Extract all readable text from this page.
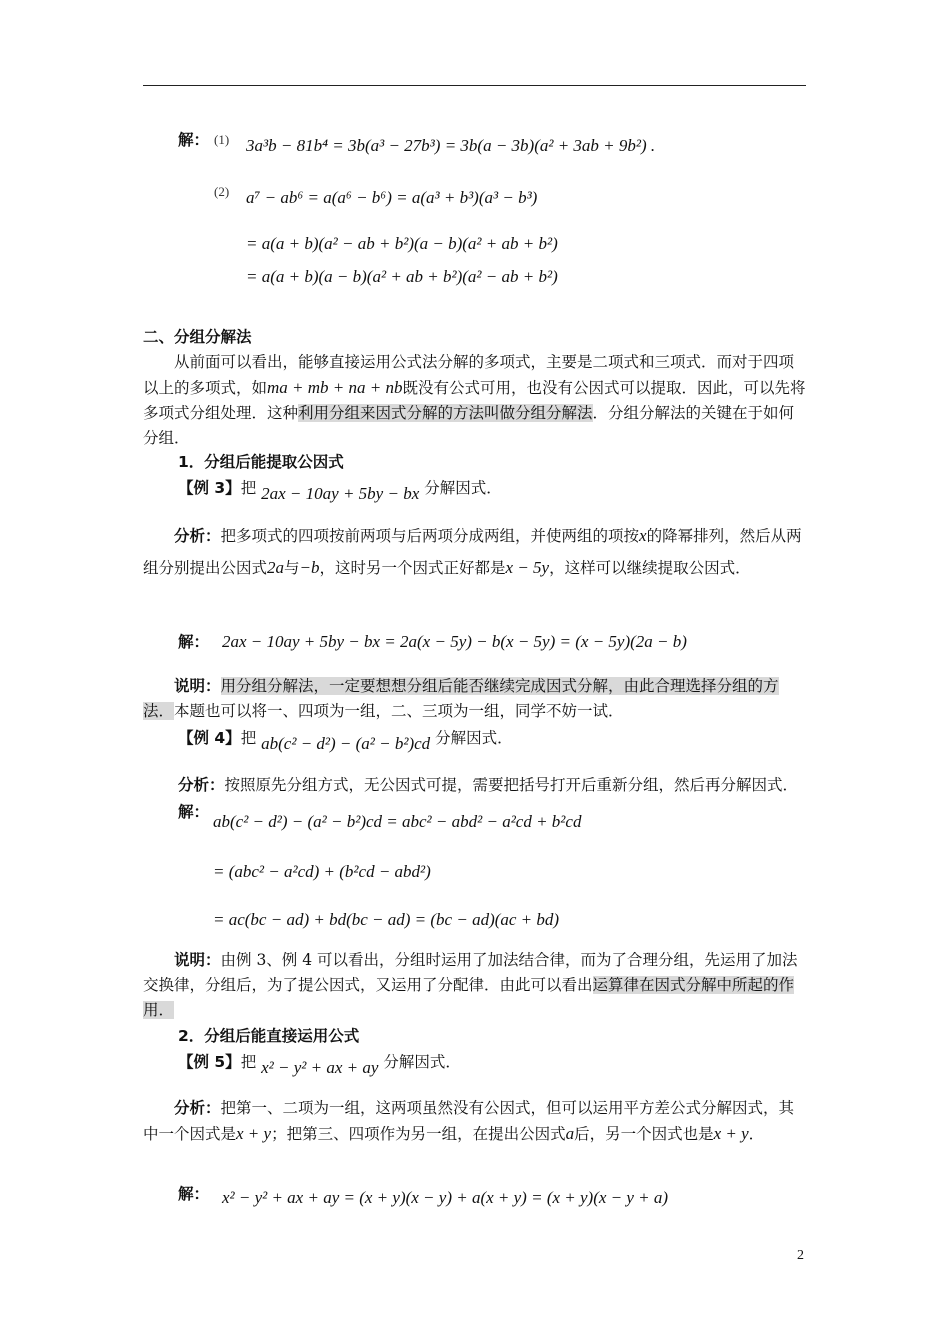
解： (1) 3a³b − 81b⁴ = 3b(a³ − 27b³) = 3b(a − 3b)(a² + 3ab + 9b²) .
(2) a⁷ − ab⁶ = a(a⁶ − b⁶) = a(a³ + b³)(a³ − b³)
= a(a + b)(a² − ab + b²)(a − b)(a² + ab + b²)
= a(a + b)(a − b)(a² + ab + b²)(a² − ab + b²)
二、分组分解法
从前面可以看出，能够直接运用公式法分解的多项式，主要是二项式和三项式．而对于四项以上的多项式，如ma + mb + na + nb既没有公式可用，也没有公因式可以提取．因此，可以先将多项式分组处理．这种利用分组来因式分解的方法叫做分组分解法．分组分解法的关键在于如何分组．
1．分组后能提取公因式
【例 3】把 2ax − 10ay + 5by − bx 分解因式．
分析：把多项式的四项按前两项与后两项分成两组，并使两组的项按x的降幂排列，然后从两组分别提出公因式2a与−b，这时另一个因式正好都是x − 5y，这样可以继续提取公因式．
解： 2ax − 10ay + 5by − bx = 2a(x − 5y) − b(x − 5y) = (x − 5y)(2a − b)
说明：用分组分解法，一定要想想分组后能否继续完成因式分解，由此合理选择分组的方法．本题也可以将一、四项为一组，二、三项为一组，同学不妨一试．
【例 4】把 ab(c² − d²) − (a² − b²)cd 分解因式．
分析：按照原先分组方式，无公因式可提，需要把括号打开后重新分组，然后再分解因式．
解： ab(c² − d²) − (a² − b²)cd = abc² − abd² − a²cd + b²cd
= (abc² − a²cd) + (b²cd − abd²)
= ac(bc − ad) + bd(bc − ad) = (bc − ad)(ac + bd)
说明：由例 3、例 4 可以看出，分组时运用了加法结合律，而为了合理分组，先运用了加法交换律，分组后，为了提公因式，又运用了分配律．由此可以看出运算律在因式分解中所起的作用．
2．分组后能直接运用公式
【例 5】把 x² − y² + ax + ay 分解因式．
分析：把第一、二项为一组，这两项虽然没有公因式，但可以运用平方差公式分解因式，其中一个因式是x + y；把第三、四项作为另一组，在提出公因式a后，另一个因式也是x + y．
解： x² − y² + ax + ay = (x + y)(x − y) + a(x + y) = (x + y)(x − y + a)
2
